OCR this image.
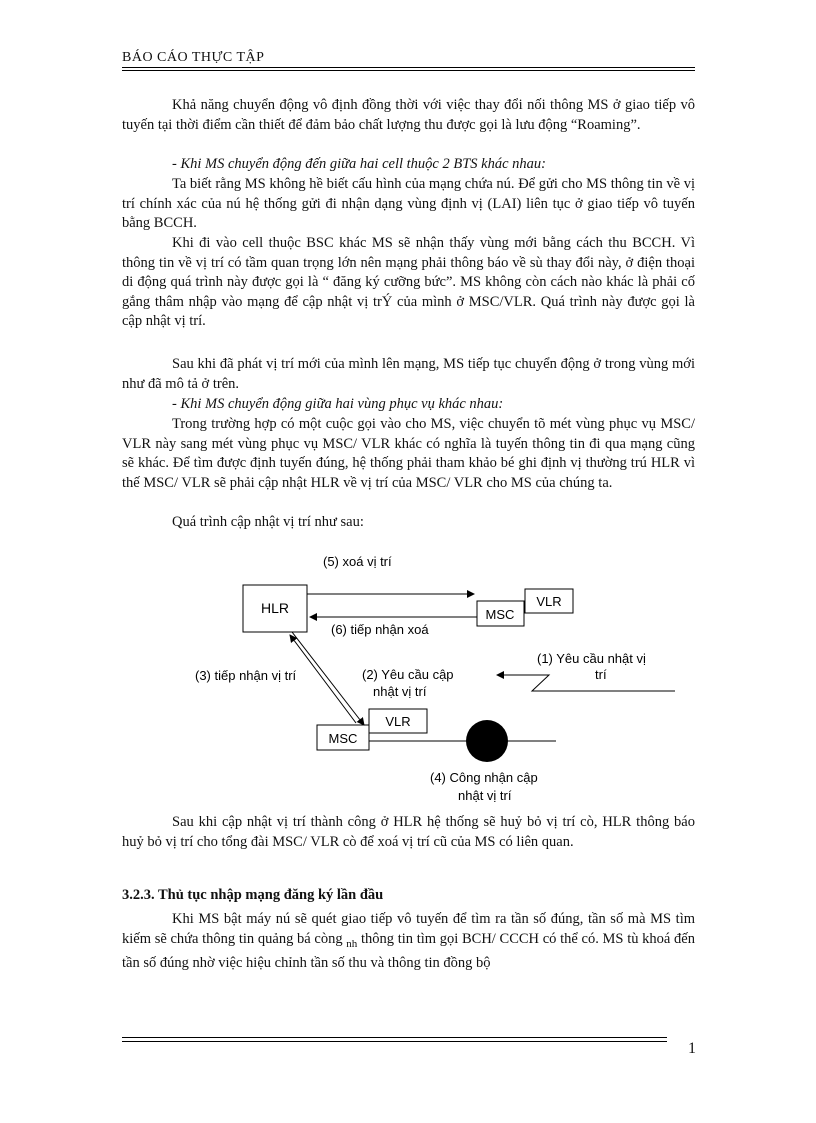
BÁO CÁO THỰC TẬP

Khả năng chuyển động vô định đồng thời với việc thay đổi nối thông MS ở giao tiếp vô tuyến tại thời điểm cần thiết để đảm bảo chất lượng thu được gọi là lưu động “Roaming”.

- Khi MS chuyển động đến giữa hai cell thuộc 2 BTS khác nhau:

Ta biết rằng MS không hề biết cấu hình của mạng chứa nú. Để gửi cho MS thông tin về vị trí chính xác của nú hệ thống gửi đi nhận dạng vùng định vị (LAI) liên tục ở giao tiếp vô tuyến bằng BCCH.

Khi đi vào cell thuộc BSC khác MS sẽ nhận thấy vùng mới bằng cách thu BCCH. Vì thông tin về vị trí có tầm quan trọng lớn nên mạng phải thông báo về sù thay đổi này, ở điện thoại di động quá trình này được gọi là “ đăng ký cưỡng bức”. MS không còn cách nào khác là phải cố gắng thâm nhập vào mạng để cập nhật vị trÝ của mình ở MSC/VLR. Quá trình này được gọi là cập nhật vị trí.

Sau khi đã phát vị trí mới của mình lên mạng, MS tiếp tục chuyển động ở trong vùng mới như đã mô tả ở trên.

- Khi MS chuyển động giữa hai vùng phục vụ khác nhau:

Trong trường hợp có một cuộc gọi vào cho MS, việc chuyển tõ mét vùng phục vụ MSC/ VLR này sang mét vùng phục vụ MSC/ VLR khác có nghĩa là tuyến thông tin đi qua mạng cũng sẽ khác. Để tìm được định tuyến đúng, hệ thống phải tham khảo bé ghi định vị thường trú HLR vì thế MSC/ VLR sẽ phải cập nhật HLR về vị trí của MSC/ VLR cho MS của chúng ta.

Quá trình cập nhật vị trí như sau:

HLR	MSC
VLR
(5) xoá vị trí
(6) tiếp nhận xoá
MSC
VLR
(3) tiếp nhận vị trí	(2) Yêu cầu cập
nhật vị trí
(1) Yêu cầu nhật vị
trí
(4) Công nhận cập
nhật vị trí

Sau khi cập nhật vị trí thành công ở HLR hệ thống sẽ huỷ bỏ vị trí cò, HLR thông báo huỷ bỏ vị trí cho tổng đài MSC/ VLR cò để xoá vị trí cũ của MS có liên quan.

3.2.3. Thủ tục nhập mạng đăng ký lần đầu

Khi MS bật máy nú sẽ quét giao tiếp vô tuyến để tìm ra tần số đúng, tần số mà MS tìm kiếm sẽ chứa thông tin quảng bá còng $_{nh}$ thông tin tìm gọi BCH/ CCCH có thể có. MS tù khoá đến tần số đúng nhờ việc hiệu chỉnh tần số thu và thông tin đồng bộ

1
